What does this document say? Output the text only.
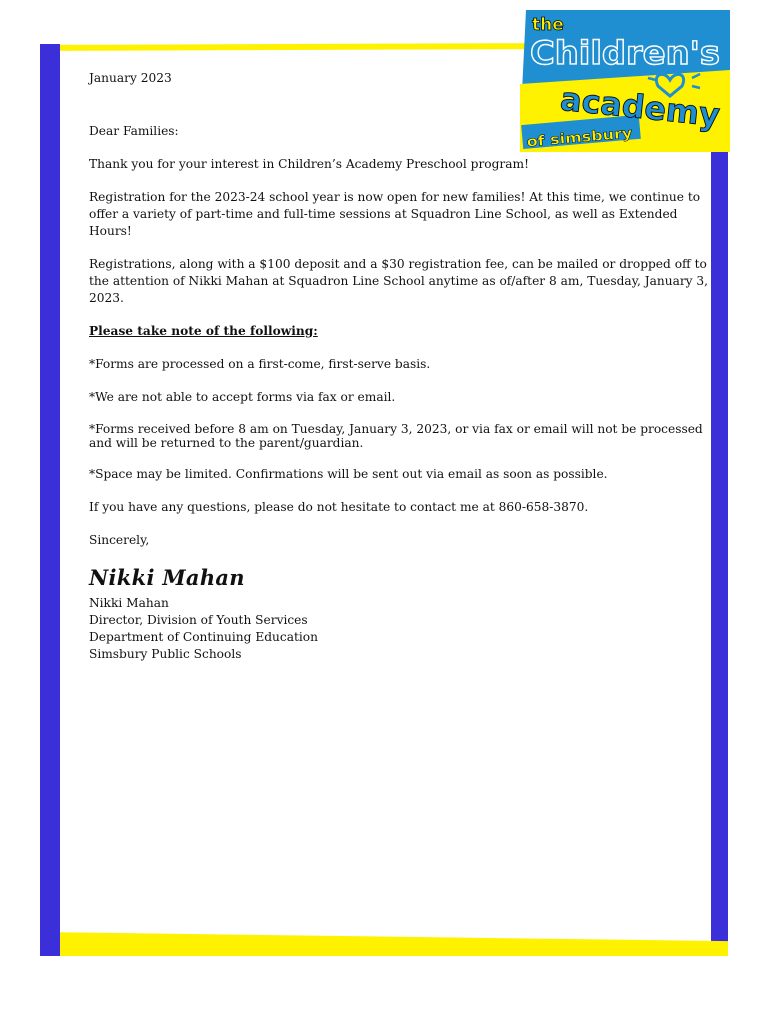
the
Children's
academy
of simsbury

January 2023

Dear Families:

Thank you for your interest in Children’s Academy Preschool program!

Registration for the 2023-24 school year is now open for new families! At this time, we continue to offer a variety of part-time and full-time sessions at Squadron Line School, as well as Extended Hours!

Registrations, along with a $100 deposit and a $30 registration fee, can be mailed or dropped off to the attention of Nikki Mahan at Squadron Line School anytime as of/after 8 am, Tuesday, January 3, 2023.

Please take note of the following:

*Forms are processed on a first-come, first-serve basis.

*We are not able to accept forms via fax or email.

*Forms received before 8 am on Tuesday, January 3, 2023, or via fax or email will not be processed and will be returned to the parent/guardian.

*Space may be limited. Confirmations will be sent out via email as soon as possible.

If you have any questions, please do not hesitate to contact me at 860-658-3870.

Sincerely,

Nikki Mahan

Nikki Mahan

Director, Division of Youth Services

Department of Continuing Education

Simsbury Public Schools
